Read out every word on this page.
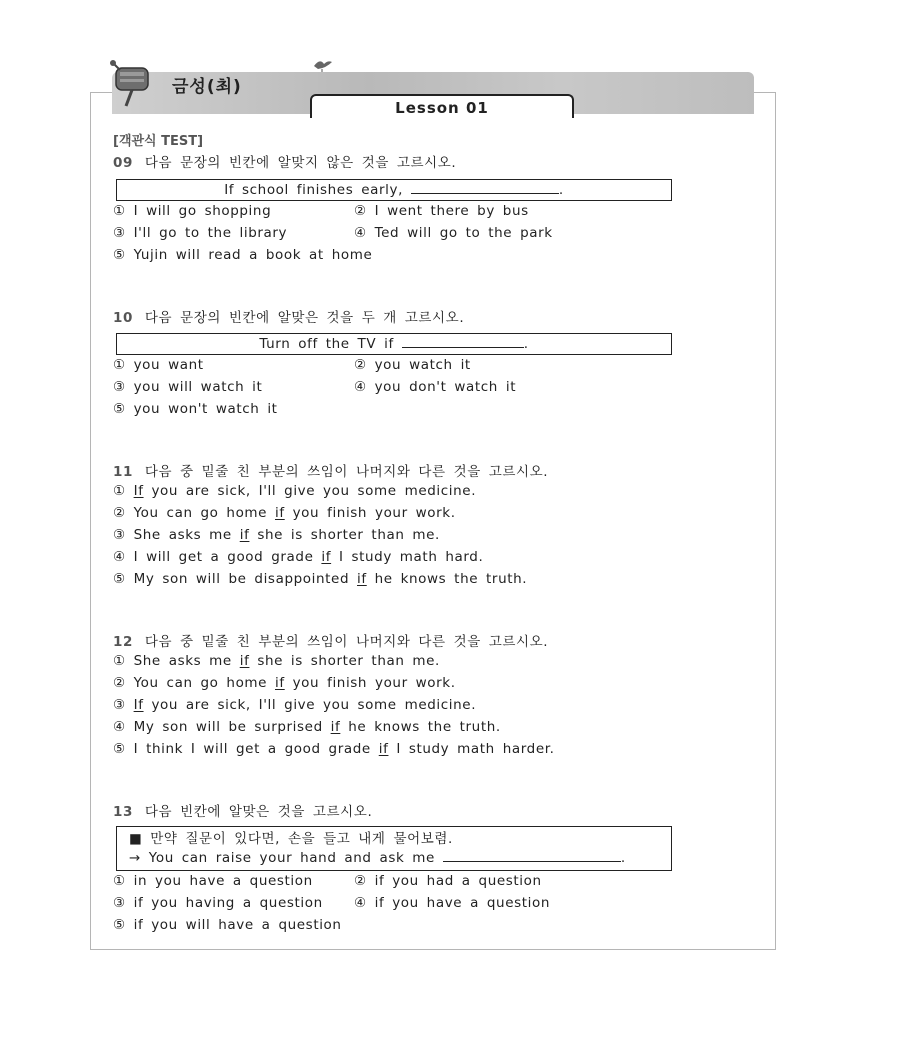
금성(최)
Lesson 01
[객관식 TEST]
09 다음 문장의 빈칸에 알맞지 않은 것을 고르시오.
If school finishes early,	.
① I will go shopping	② I went there by bus
③ I'll go to the library	④ Ted will go to the park
⑤ Yujin will read a book at home
10 다음 문장의 빈칸에 알맞은 것을 두 개 고르시오.
Turn off the TV if	.
① you want	② you watch it
③ you will watch it	④ you don't watch it
⑤ you won't watch it
11 다음 중 밑줄 친 부분의 쓰임이 나머지와 다른 것을 고르시오.
① If you are sick, I'll give you some medicine.
② You can go home if you finish your work.
③ She asks me if she is shorter than me.
④ I will get a good grade if I study math hard.
⑤ My son will be disappointed if he knows the truth.
12 다음 중 밑줄 친 부분의 쓰임이 나머지와 다른 것을 고르시오.
① She asks me if she is shorter than me.
② You can go home if you finish your work.
③ If you are sick, I'll give you some medicine.
④ My son will be surprised if he knows the truth.
⑤ I think I will get a good grade if I study math harder.
13 다음 빈칸에 알맞은 것을 고르시오.
■ 만약 질문이 있다면, 손을 들고 내게 물어보렴.
→ You can raise your hand and ask me	.
① in you have a question	② if you had a question
③ if you having a question ④ if you have a question
⑤ if you will have a question
